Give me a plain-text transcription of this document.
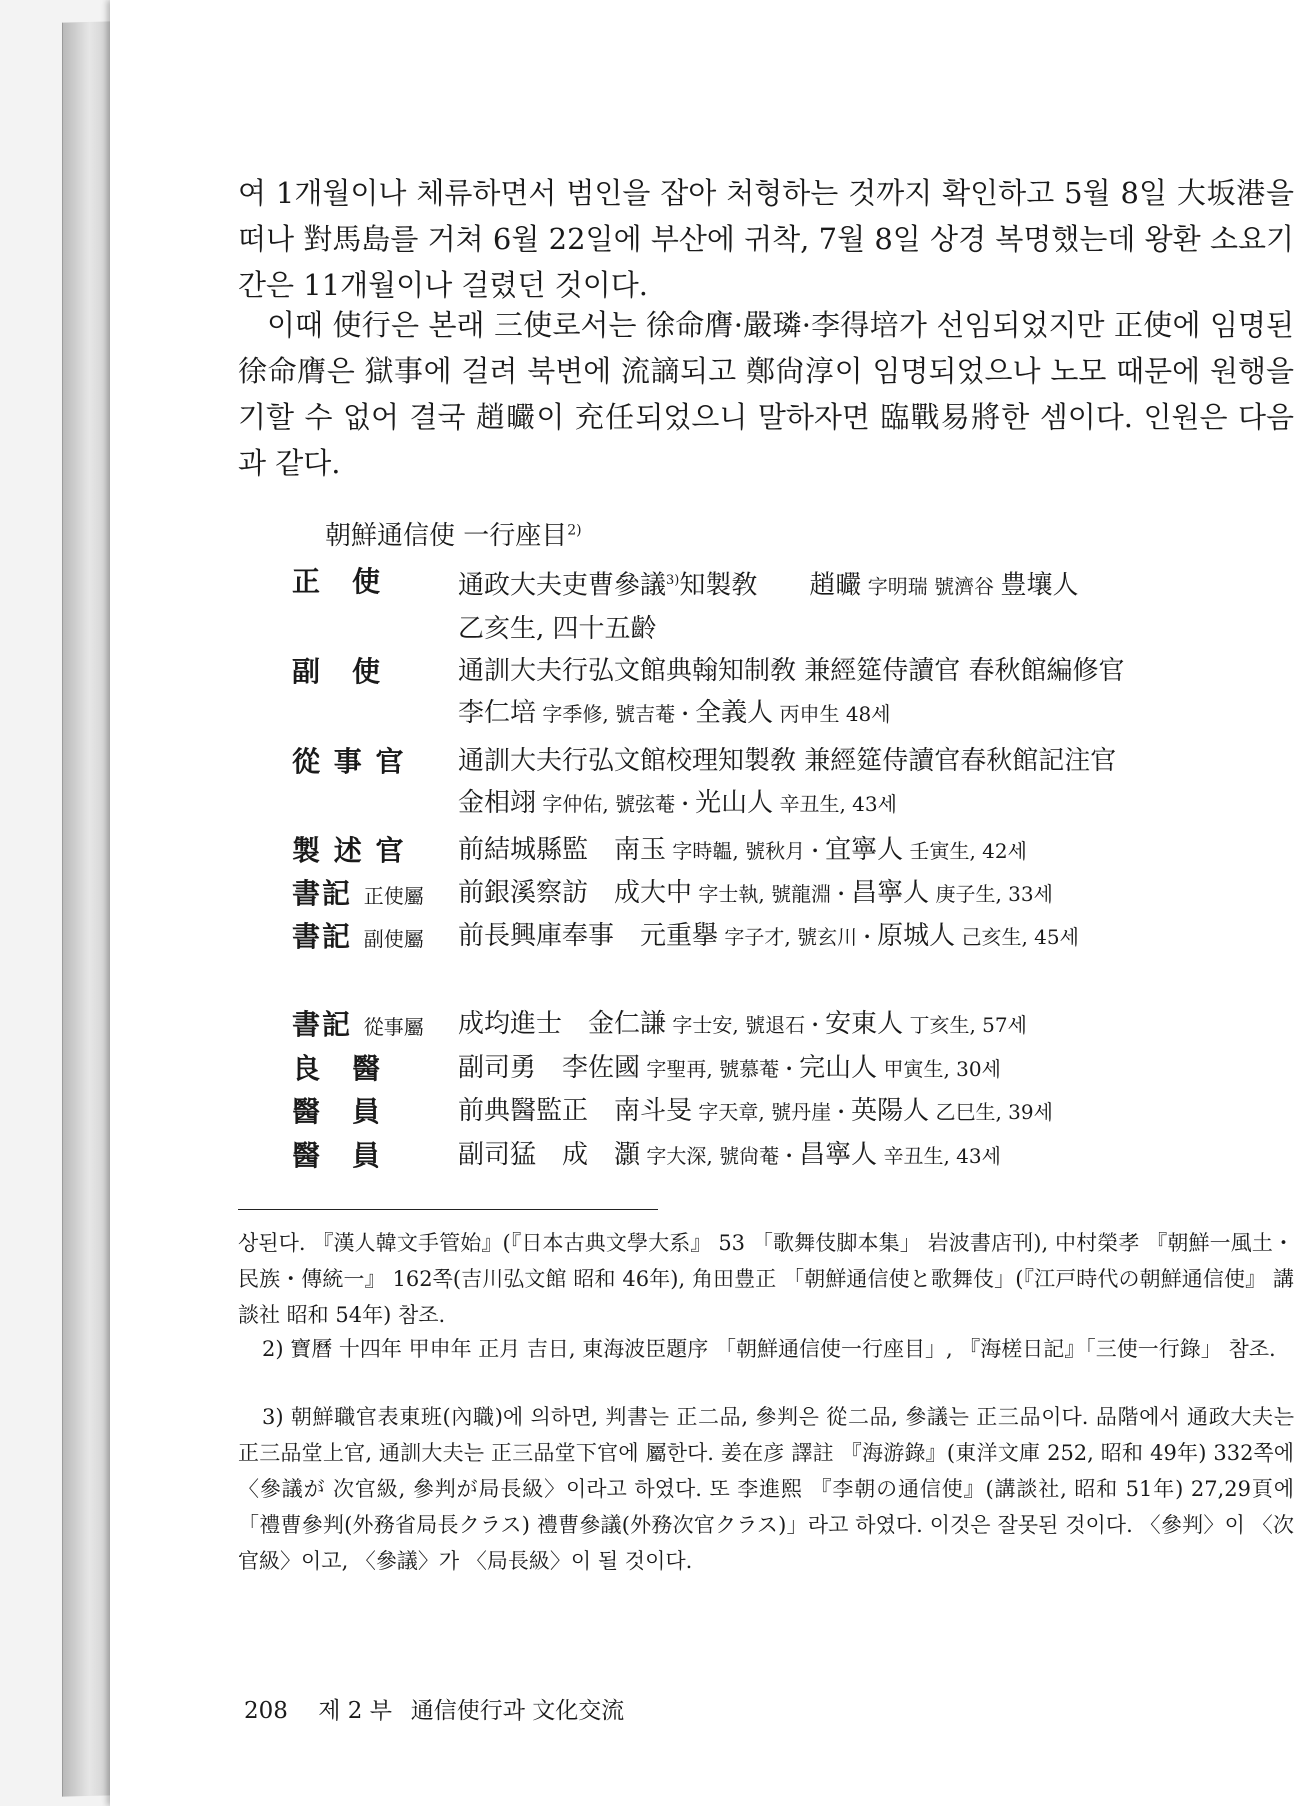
여 1개월이나 체류하면서 범인을 잡아 처형하는 것까지 확인하고 5월 8일 大坂港을 떠나 對馬島를 거쳐 6월 22일에 부산에 귀착, 7월 8일 상경 복명했는데 왕환 소요기간은 11개월이나 걸렸던 것이다.

이때 使行은 본래 三使로서는 徐命膺·嚴璘·李得培가 선임되었지만 正使에 임명된 徐命膺은 獄事에 걸려 북변에 流謫되고 鄭尙淳이 임명되었으나 노모 때문에 원행을 기할 수 없어 결국 趙曮이 充任되었으니 말하자면 臨戰易將한 셈이다. 인원은 다음과 같다.

朝鮮通信使 一行座目$^{2)}$

正　使	通政大夫吏曹參議$^{3)}$知製敎　　趙曮 字明瑞 號濟谷 豊壤人
乙亥生, 四十五齡

副　使	通訓大夫行弘文館典翰知制敎 兼經筵侍讀官 春秋館編修官
李仁培 字季修, 號吉菴・全義人 丙申生 48세

從 事 官 通訓大夫行弘文館校理知製敎 兼經筵侍讀官春秋館記注官
金相翊 字仲佑, 號弦菴・光山人 辛丑生, 43세

製 述 官 前結城縣監　南玉 字時韞, 號秋月・宜寧人 壬寅生, 42세

書記 正使屬 前銀溪察訪　成大中 字士執, 號龍淵・昌寧人 庚子生, 33세

書記 副使屬 前長興庫奉事　元重擧 字子才, 號玄川・原城人 己亥生, 45세

書記 從事屬 成均進士　金仁謙 字士安, 號退石・安東人 丁亥生, 57세

良　醫	副司勇　李佐國 字聖再, 號慕菴・完山人 甲寅生, 30세

醫　員	前典醫監正　南斗旻 字天章, 號丹崖・英陽人 乙巳生, 39세

醫　員	副司猛　成　灝 字大深, 號尙菴・昌寧人 辛丑生, 43세

상된다. 『漢人韓文手管始』(『日本古典文學大系』 53 「歌舞伎脚本集」 岩波書店刊), 中村榮孝 『朝鮮一風土・民族・傳統一』 162쪽(吉川弘文館 昭和 46年), 角田豊正 「朝鮮通信使と歌舞伎」(『江戸時代の朝鮮通信使』 講談社 昭和 54年) 참조.

2) 寶曆 十四年 甲申年 正月 吉日, 東海波臣題序 「朝鮮通信使一行座目」, 『海槎日記』「三使一行錄」 참조.

3) 朝鮮職官表東班(內職)에 의하면, 判書는 正二品, 參判은 從二品, 參議는 正三品이다. 品階에서 通政大夫는 正三品堂上官, 通訓大夫는 正三品堂下官에 屬한다. 姜在彦 譯註 『海游錄』(東洋文庫 252, 昭和 49年) 332쪽에 〈參議が 次官級, 參判が局長級〉이라고 하였다. 또 李進熙 『李朝の通信使』(講談社, 昭和 51年) 27,29頁에 「禮曹參判(外務省局長クラス) 禮曹參議(外務次官クラス)」라고 하였다. 이것은 잘못된 것이다. 〈參判〉이 〈次官級〉이고, 〈參議〉가 〈局長級〉이 될 것이다.

208  제 2 부  通信使行과 文化交流
